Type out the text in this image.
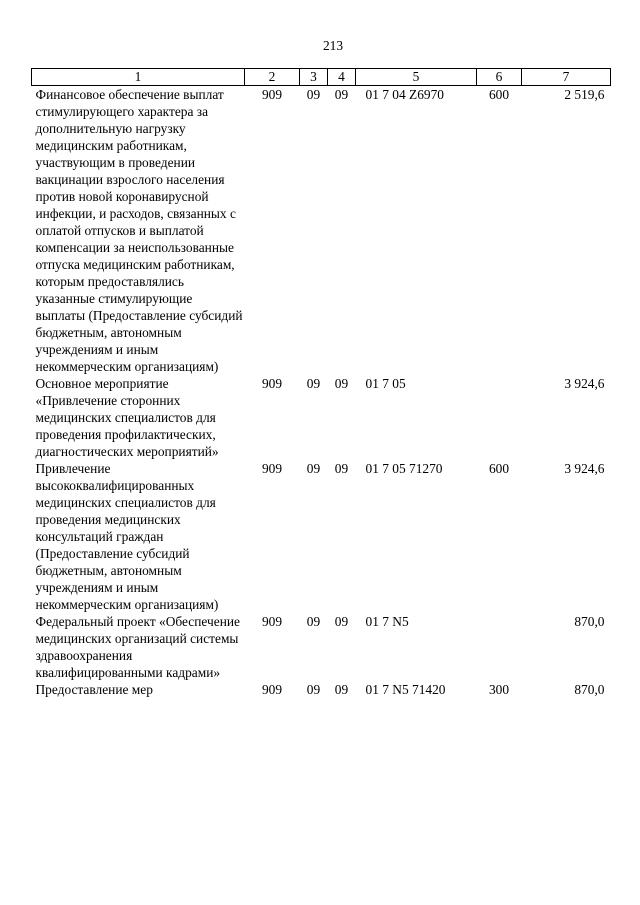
213
1	2	3	4	5	6	7
Финансовое обеспечение выплат стимулирующего характера за дополнительную нагрузку медицинским работникам, участвующим в проведении вакцинации взрослого населения против новой коронавирусной инфекции, и расходов, связанных с оплатой отпусков и выплатой компенсации за неиспользованные отпуска медицинским работникам, которым предоставлялись указанные стимулирующие выплаты (Предоставление субсидий бюджетным, автономным учреждениям и иным некоммерческим организациям)	909	09	09	01 7 04 Z6970	600	2 519,6
Основное мероприятие «Привлечение сторонних медицинских специалистов для проведения профилактических, диагностических мероприятий»	909	09	09	01 7 05		3 924,6
Привлечение высококвалифицированных медицинских специалистов для проведения медицинских консультаций граждан (Предоставление субсидий бюджетным, автономным учреждениям и иным некоммерческим организациям)	909	09	09	01 7 05 71270	600	3 924,6
Федеральный проект «Обеспечение медицинских организаций системы здравоохранения квалифицированными кадрами»	909	09	09	01 7 N5		870,0
Предоставление мер	909	09	09	01 7 N5 71420	300	870,0
